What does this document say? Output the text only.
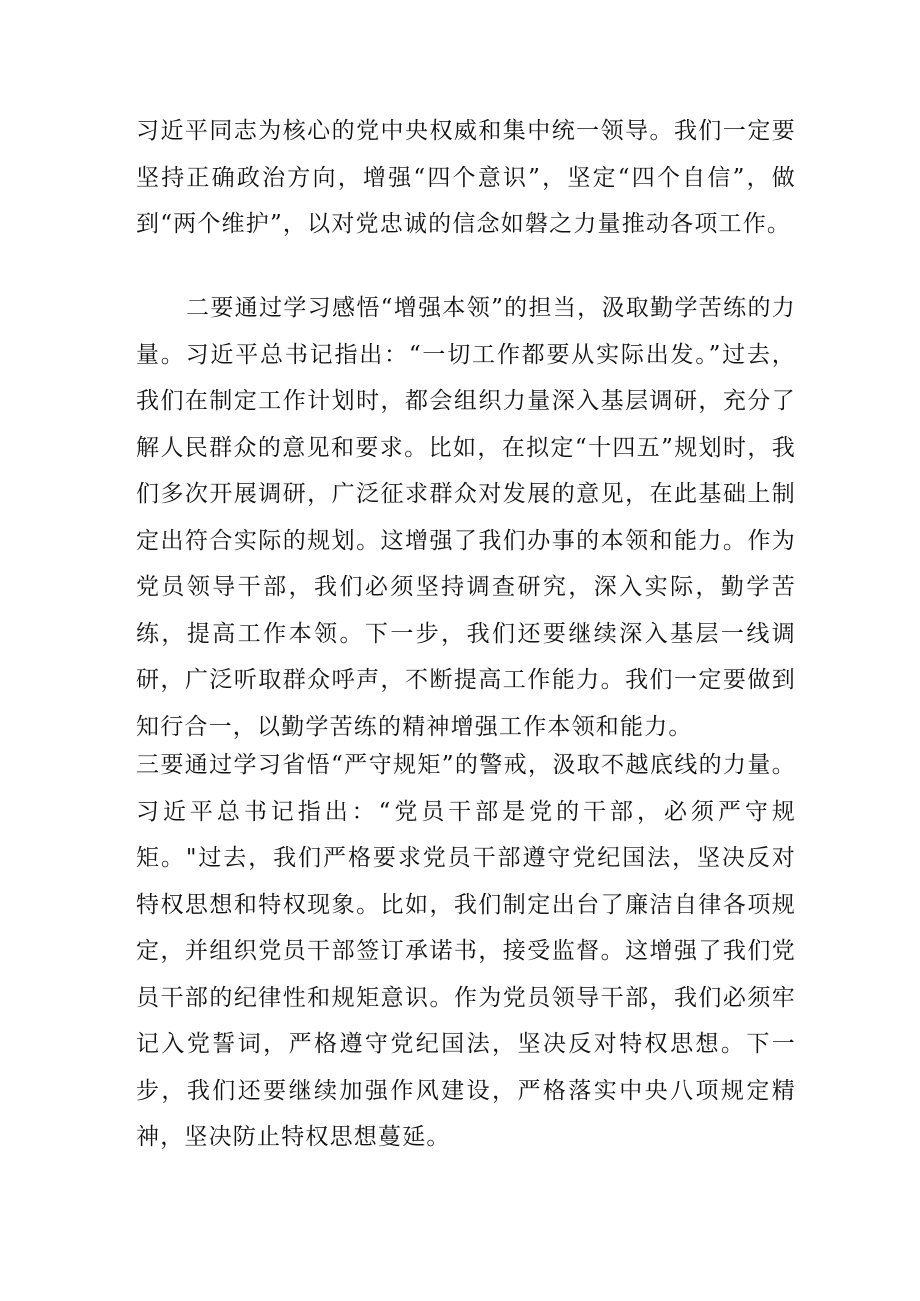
习近平同志为核心的党中央权威和集中统一领导。我们一定要坚持正确政治方向，增强“四个意识”，坚定“四个自信”，做到“两个维护”，以对党忠诚的信念如磐之力量推动各项工作。

二要通过学习感悟“增强本领”的担当，汲取勤学苦练的力量。习近平总书记指出：“一切工作都要从实际出发。”过去，我们在制定工作计划时，都会组织力量深入基层调研，充分了解人民群众的意见和要求。比如，在拟定“十四五”规划时，我们多次开展调研，广泛征求群众对发展的意见，在此基础上制定出符合实际的规划。这增强了我们办事的本领和能力。作为党员领导干部，我们必须坚持调查研究，深入实际，勤学苦练，提高工作本领。下一步，我们还要继续深入基层一线调研，广泛听取群众呼声，不断提高工作能力。我们一定要做到知行合一，以勤学苦练的精神增强工作本领和能力。

三要通过学习省悟“严守规矩”的警戒，汲取不越底线的力量。习近平总书记指出：“党员干部是党的干部，必须严守规矩。"过去，我们严格要求党员干部遵守党纪国法，坚决反对特权思想和特权现象。比如，我们制定出台了廉洁自律各项规定，并组织党员干部签订承诺书，接受监督。这增强了我们党员干部的纪律性和规矩意识。作为党员领导干部，我们必须牢记入党誓词，严格遵守党纪国法，坚决反对特权思想。下一步，我们还要继续加强作风建设，严格落实中央八项规定精神，坚决防止特权思想蔓延。
